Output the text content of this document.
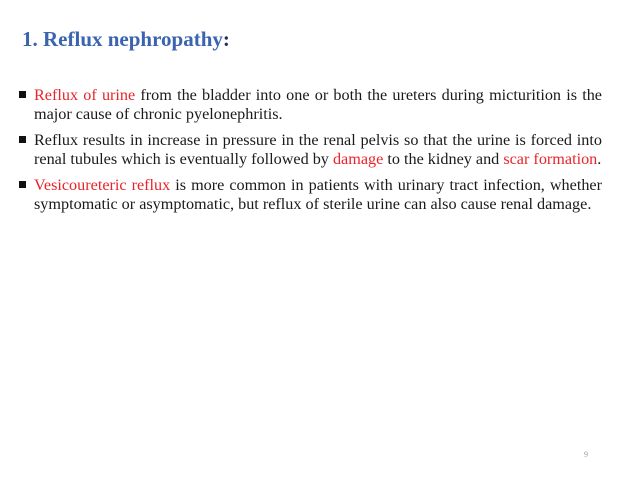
1. Reflux nephropathy:
Reflux of urine from the bladder into one or both the ureters during micturition is the major cause of chronic pyelonephritis.
Reflux results in increase in pressure in the renal pelvis so that the urine is forced into renal tubules which is eventually followed by damage to the kidney and scar formation.
Vesicoureteric reflux is more common in patients with urinary tract infection, whether symptomatic or asymptomatic, but reflux of sterile urine can also cause renal damage.
9
